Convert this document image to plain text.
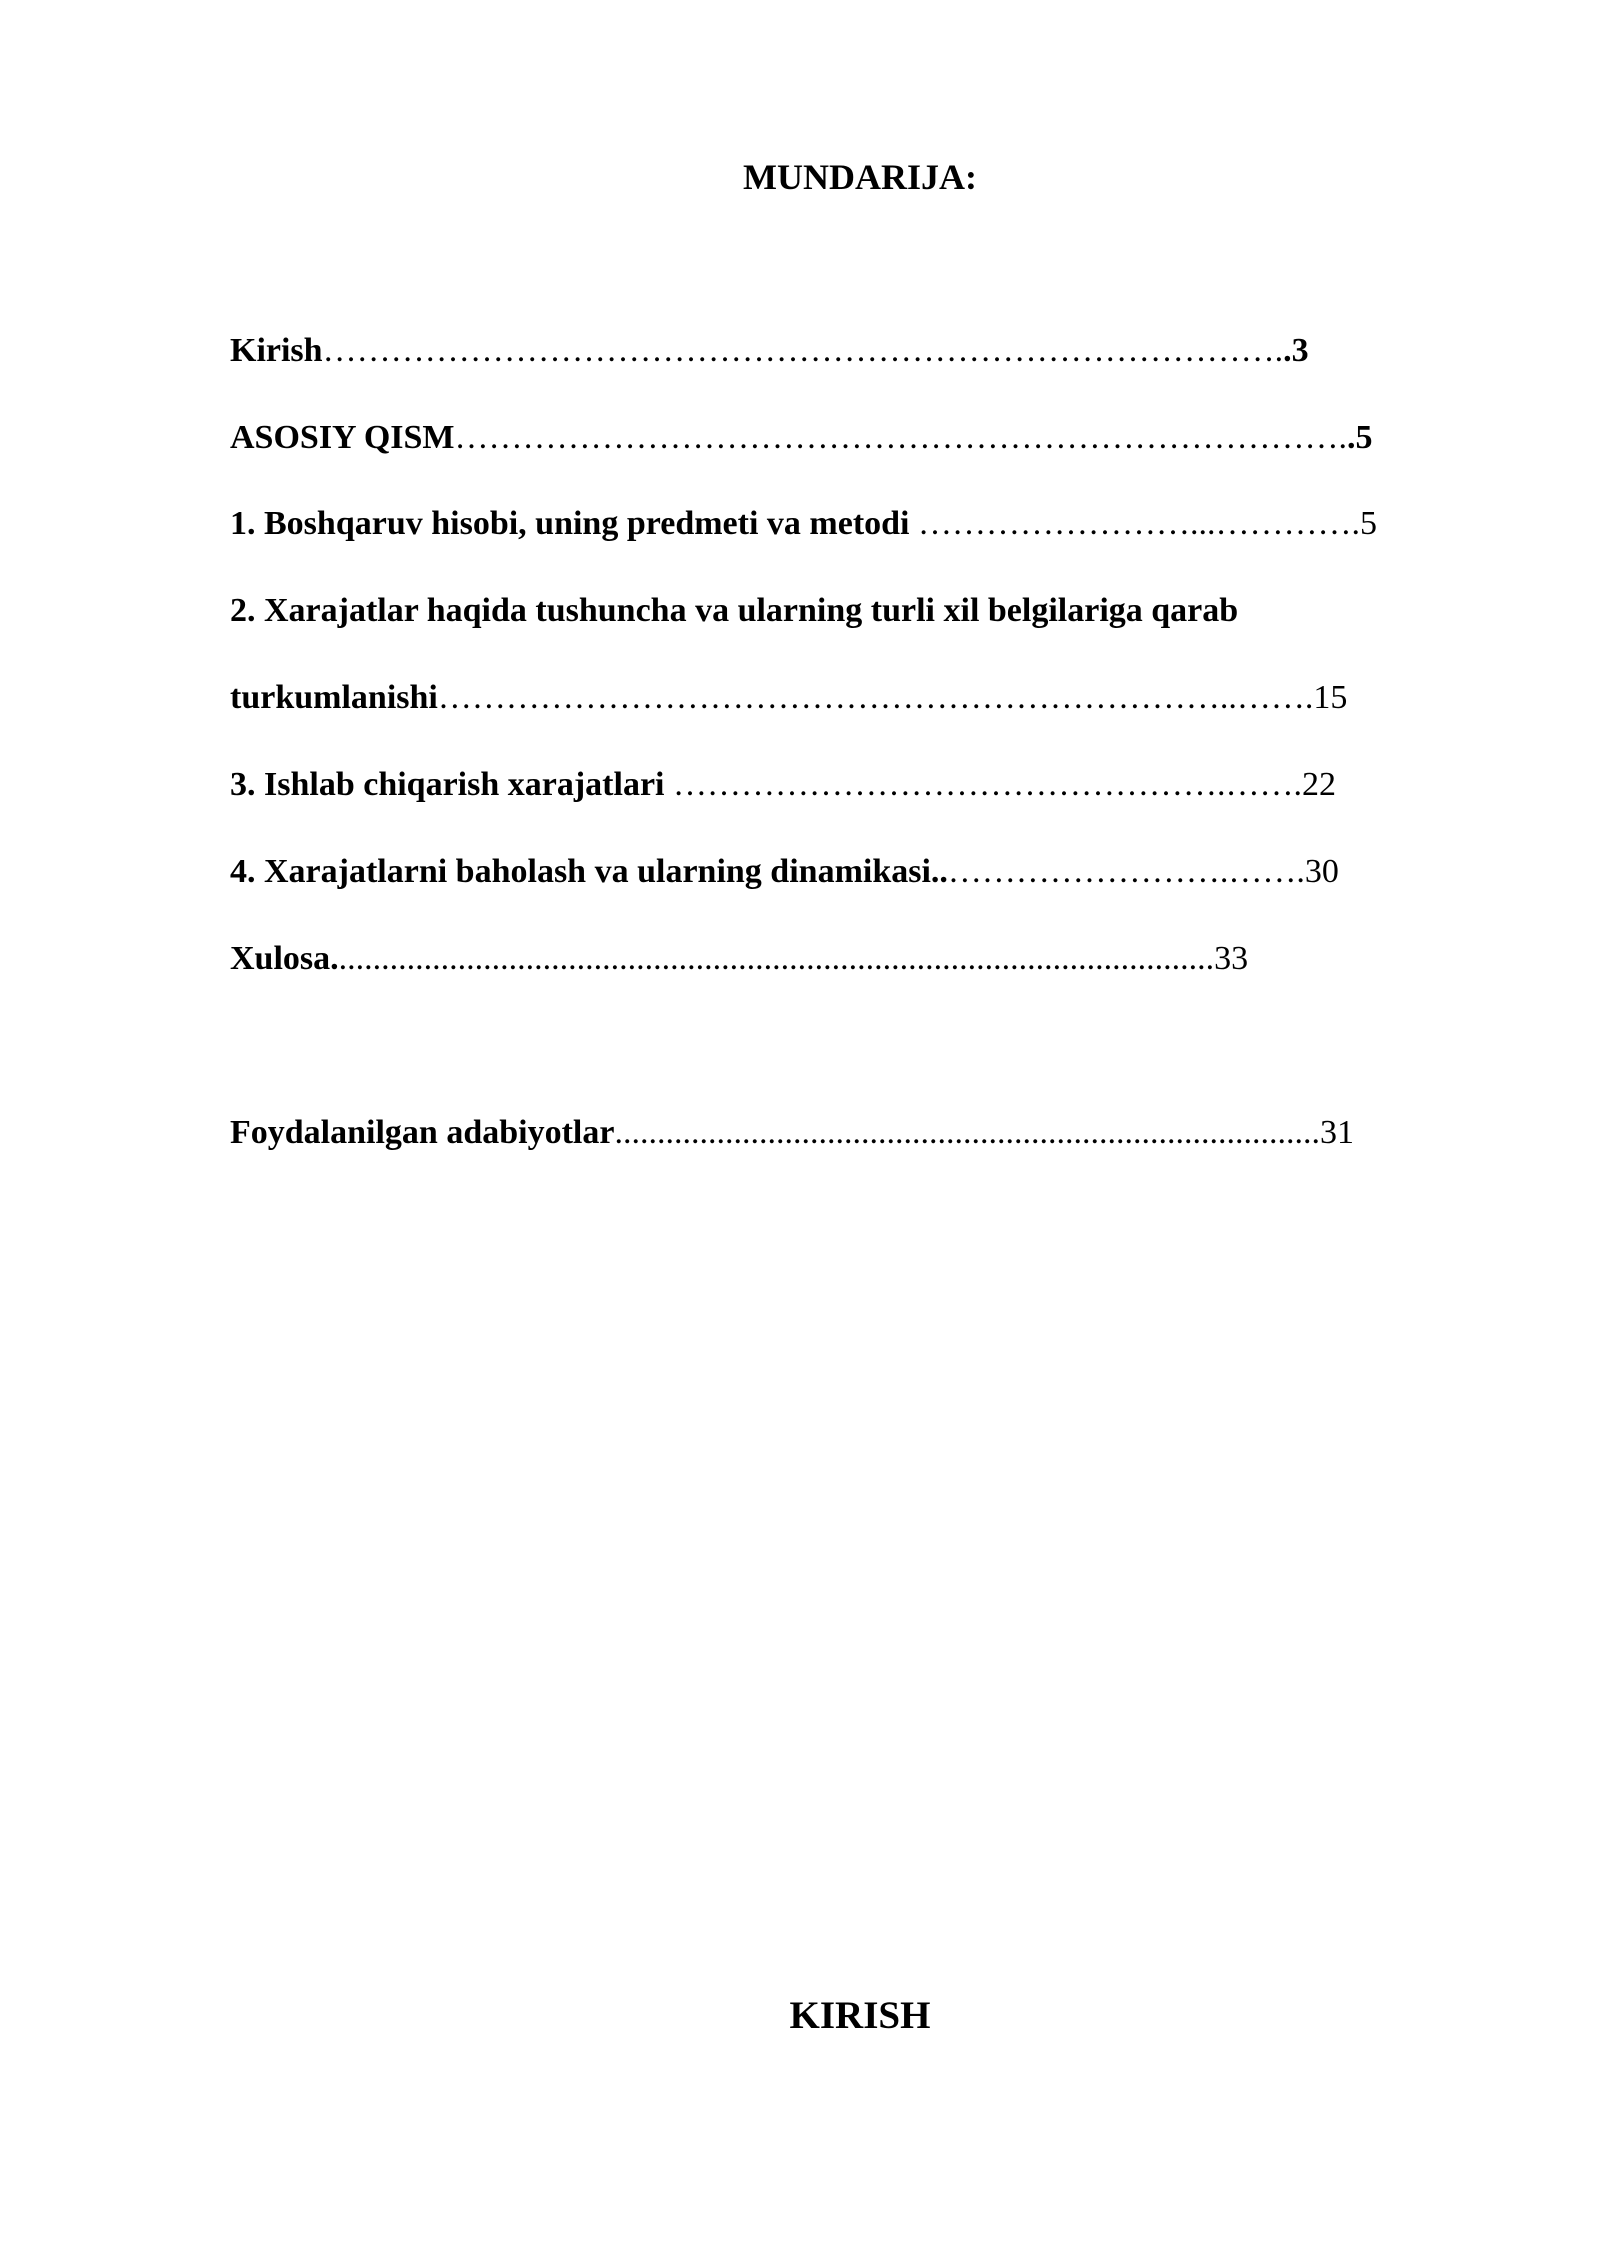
MUNDARIJA:

Kirish…………………………………………………………………………..3

ASOSIY QISM……………………………………………………………………..5

1. Boshqaruv hisobi, uning predmeti va metodi ……………………...………….5

2. Xarajatlar haqida tushuncha va ularning turli xil belgilariga qarab

turkumlanishi……………………………………………………………..…….15

3. Ishlab chiqarish xarajatlari ………………………………………….…….22

4. Xarajatlarni baholash va ularning dinamikasi..…………………….…….30

Xulosa........................................................................................................33

Foydalanilgan adabiyotlar...................................................................................31

KIRISH
